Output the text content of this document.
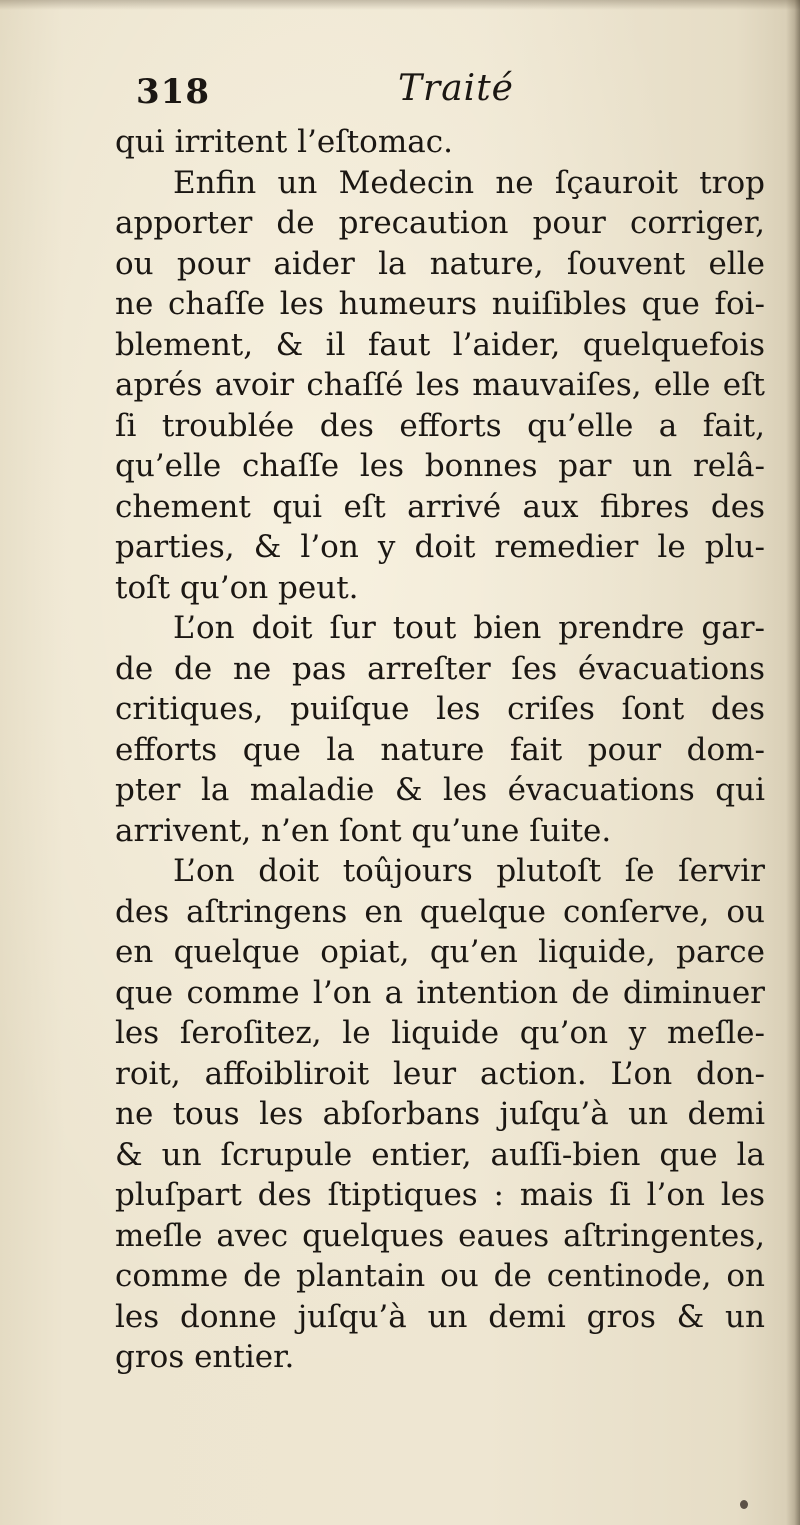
318	Traité
qui irritent l’eſtomac.
Enfin un Medecin ne ſçauroit trop
apporter de precaution pour corriger,
ou pour aider la nature, ſouvent elle
ne chaſſe les humeurs nuiſibles que foi-
blement, & il faut l’aider, quelquefois
aprés avoir chaſſé les mauvaiſes, elle eſt
ſi troublée des efforts qu’elle a fait,
qu’elle chaſſe les bonnes par un relâ-
chement qui eſt arrivé aux fibres des
parties, & l’on y doit remedier le plu-
toſt qu’on peut.
L’on doit ſur tout bien prendre gar-
de de ne pas arreſter ſes évacuations
critiques, puiſque les criſes ſont des
efforts que la nature fait pour dom-
pter la maladie & les évacuations qui
arrivent, n’en ſont qu’une ſuite.
L’on doit toûjours plutoſt ſe ſervir
des aſtringens en quelque conſerve, ou
en quelque opiat, qu’en liquide, parce
que comme l’on a intention de diminuer
les ſeroſitez, le liquide qu’on y meſle-
roit, affoibliroit leur action. L’on don-
ne tous les abſorbans juſqu’à un demi
& un ſcrupule entier, auſſi-bien que la
pluſpart des ſtiptiques : mais ſi l’on les
meſle avec quelques eaues aſtringentes,
comme de plantain ou de centinode, on
les donne juſqu’à un demi gros & un
gros entier.
